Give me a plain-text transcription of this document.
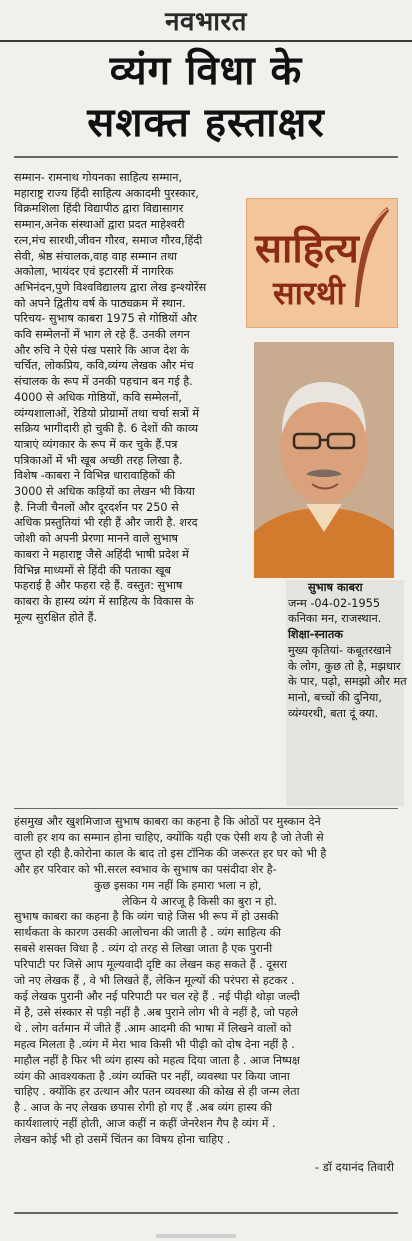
नवभारत
व्यंग विधा के
सशक्त हस्ताक्षर

सम्मान- रामनाथ गोयनका साहित्य सम्मान,

महाराष्ट्र राज्य हिंदी साहित्य अकादमी पुरस्कार,

विक्रमशिला हिंदी विद्यापीठ द्वारा विद्यासागर

सम्मान,अनेक संस्थाओं द्वारा प्रदत माहेश्वरी

रत्न,मंच सारथी,जीवन गौरव, समाज गौरव,हिंदी

सेवी, श्रेष्ठ संचालक,वाह वाह सम्मान तथा

अकोला, भायंदर एवं इटारसी में नागरिक

अभिनंदन,पुणे विश्वविद्यालय द्वारा लेख इन्श्योरेंस

को अपने द्वितीय वर्ष के पाठ्यक्रम में स्थान.

परिचय- सुभाष काबरा 1975 से गोष्ठियों और

कवि सम्मेलनों में भाग ले रहे हैं. उनकी लगन

और रुचि ने ऐसे पंख पसारे कि आज देश के

चर्चित, लोकप्रिय, कवि,व्यंग्य लेखक और मंच

संचालक के रूप में उनकी पहचान बन गई है.

4000 से अधिक गोष्ठियों, कवि सम्मेलनों,

व्यंग्यशालाओं, रेडियो प्रोग्रामों तथा चर्चा सत्रों में

सक्रिय भागीदारी हो चुकी है. 6 देशों की काव्य

यात्राएं व्यंगकार के रूप में कर चुके हैं.पत्र

पत्रिकाओं में भी खूब अच्छी तरह लिखा है.

विशेष -काबरा ने विभिन्न धारावाहिकों की

3000 से अधिक कड़ियों का लेखन भी किया

है. निजी चैनलों और दूरदर्शन पर 250 से

अधिक प्रस्तुतियां भी रही हैं और जारी है. शरद

जोशी को अपनी प्रेरणा मानने वाले सुभाष

काबरा ने महाराष्ट्र जैसे अहिंदी भाषी प्रदेश में

विभिन्न माध्यमों से हिंदी की पताका खूब

फहराई है और फहरा रहे हैं. वस्तुत: सुभाष

काबरा के हास्य व्यंग में साहित्य के विकास के

मूल्य सुरक्षित होते हैं.

साहित्य
सारथी

सुभाष काबरा

जन्म -04-02-1955

कनिका मन, राजस्थान.

शिक्षा-स्नातक

मुख्य कृतियां- कबूतरखाने

के लोग, कुछ तो है, मझधार

के पार, पढ़ो, समझो और मत

मानो, बच्चों की दुनिया,

व्यंग्यरथी, बता दूं क्या.

हंसमुख और खुशमिजाज सुभाष काबरा का कहना है कि ओठों पर मुस्कान देने

वाली हर शय का सम्मान होना चाहिए, क्योंकि यही एक ऐसी शय है जो तेजी से

लुप्त हो रही है.कोरोना काल के बाद तो इस टॉनिक की जरूरत हर घर को भी है

और हर परिवार को भी.सरल स्वभाव के सुभाष का पसंदीदा शेर है-

कुछ इसका गम नहीं कि हमारा भला न हो,

लेकिन ये आरजू है किसी का बुरा न हो.

सुभाष काबरा का कहना है कि व्यंग चाहे जिस भी रूप में हो उसकी

सार्थकता के कारण उसकी आलोचना की जाती है . व्यंग साहित्य की

सबसे शसक्त विधा है . व्यंग दो तरह से लिखा जाता है एक पुरानी

परिपाटी पर जिसे आप मूल्यवादी दृष्टि का लेखन कह सकते हैं . दूसरा

जो नए लेखक हैं , वे भी लिखते हैं, लेकिन मूल्यों की परंपरा से हटकर .

कई लेखक पुरानी और नई परिपाटी पर चल रहे हैं . नई पीढ़ी थोड़ा जल्दी

में है, उसे संस्कार से पड़ी नहीं है .अब पुराने लोग भी वे नहीं है, जो पहले

थे . लोग वर्तमान में जीते हैं .आम आदमी की भाषा में लिखने वालों को

महत्व मिलता है .व्यंग में मेरा भाव किसी भी पीढ़ी को दोष देना नहीं है .

माहौल नहीं है फिर भी व्यंग हास्य को महत्व दिया जाता है . आज निष्पक्ष

व्यंग की आवश्यकता है .व्यंग व्यक्ति पर नहीं, व्यवस्था पर किया जाना

चाहिए . क्योंकि हर उत्थान और पतन व्यवस्था की कोख से ही जन्म लेता

है . आज के नए लेखक छपास रोगी हो गए हैं .अब व्यंग हास्य की

कार्यशालाएं नहीं होती, आज कहीं न कहीं जेनरेशन गैप है व्यंग में .

लेखन कोई भी हो उसमें चिंतन का विषय होना चाहिए .

- डॉ दयानंद तिवारी
